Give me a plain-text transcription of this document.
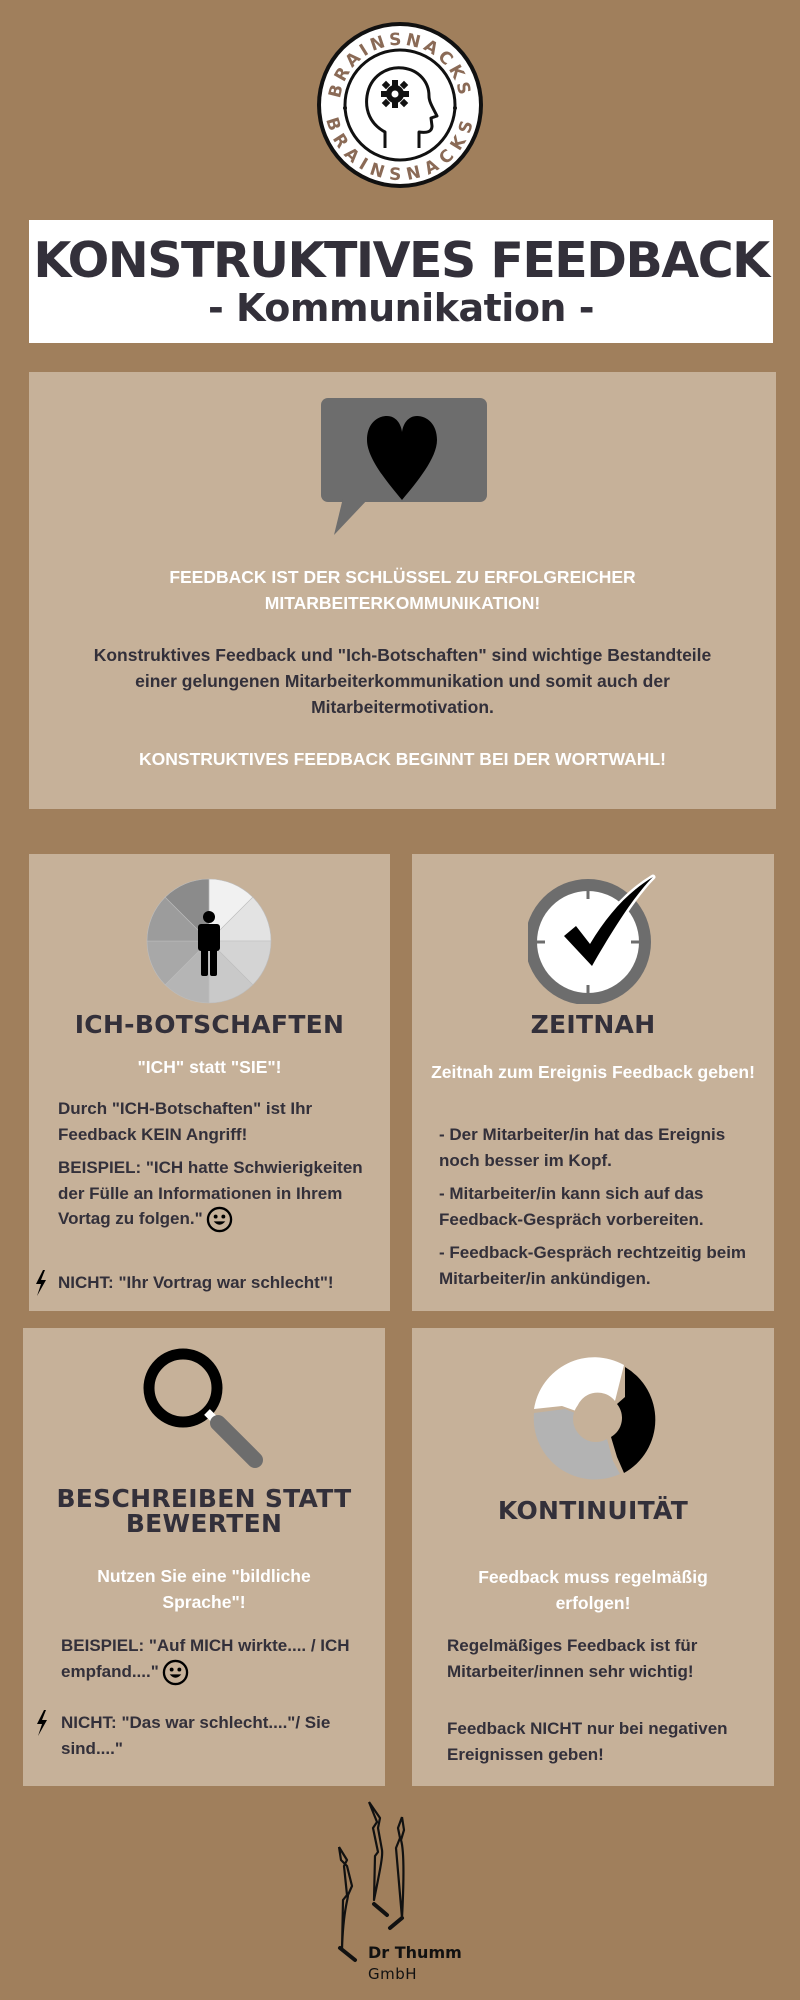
BRAINSNACKS
BRAINSNACKS
KONSTRUKTIVES FEEDBACK
- Kommunikation -
FEEDBACK IST DER SCHLÜSSEL ZU ERFOLGREICHER
MITARBEITERKOMMUNIKATION!
Konstruktives Feedback und "Ich-Botschaften" sind wichtige Bestandteile
einer gelungenen Mitarbeiterkommunikation und somit auch der
Mitarbeitermotivation.
KONSTRUKTIVES FEEDBACK BEGINNT BEI DER WORTWAHL!
ICH-BOTSCHAFTEN
"ICH" statt "SIE"!

Durch "ICH-Botschaften" ist Ihr Feedback KEIN Angriff!

BEISPIEL: "ICH hatte Schwierigkeiten der Fülle an Informationen in Ihrem Vortag zu folgen."

NICHT: "Ihr Vortrag war schlecht"!
ZEITNAH
Zeitnah zum Ereignis Feedback geben!

- Der Mitarbeiter/in hat das Ereignis noch besser im Kopf.

- Mitarbeiter/in kann sich auf das Feedback-Gespräch vorbereiten.

- Feedback-Gespräch rechtzeitig beim Mitarbeiter/in ankündigen.

BESCHREIBEN STATT
BEWERTEN
Nutzen Sie eine "bildliche Sprache"!

BEISPIEL: "Auf MICH wirkte.... / ICH empfand...."

NICHT: "Das war schlecht...."/ Sie sind...."
KONTINUITÄT
Feedback muss regelmäßig erfolgen!

Regelmäßiges Feedback ist für Mitarbeiter/innen sehr wichtig!

Feedback NICHT nur bei negativen Ereignissen geben!

Dr Thumm
GmbH
